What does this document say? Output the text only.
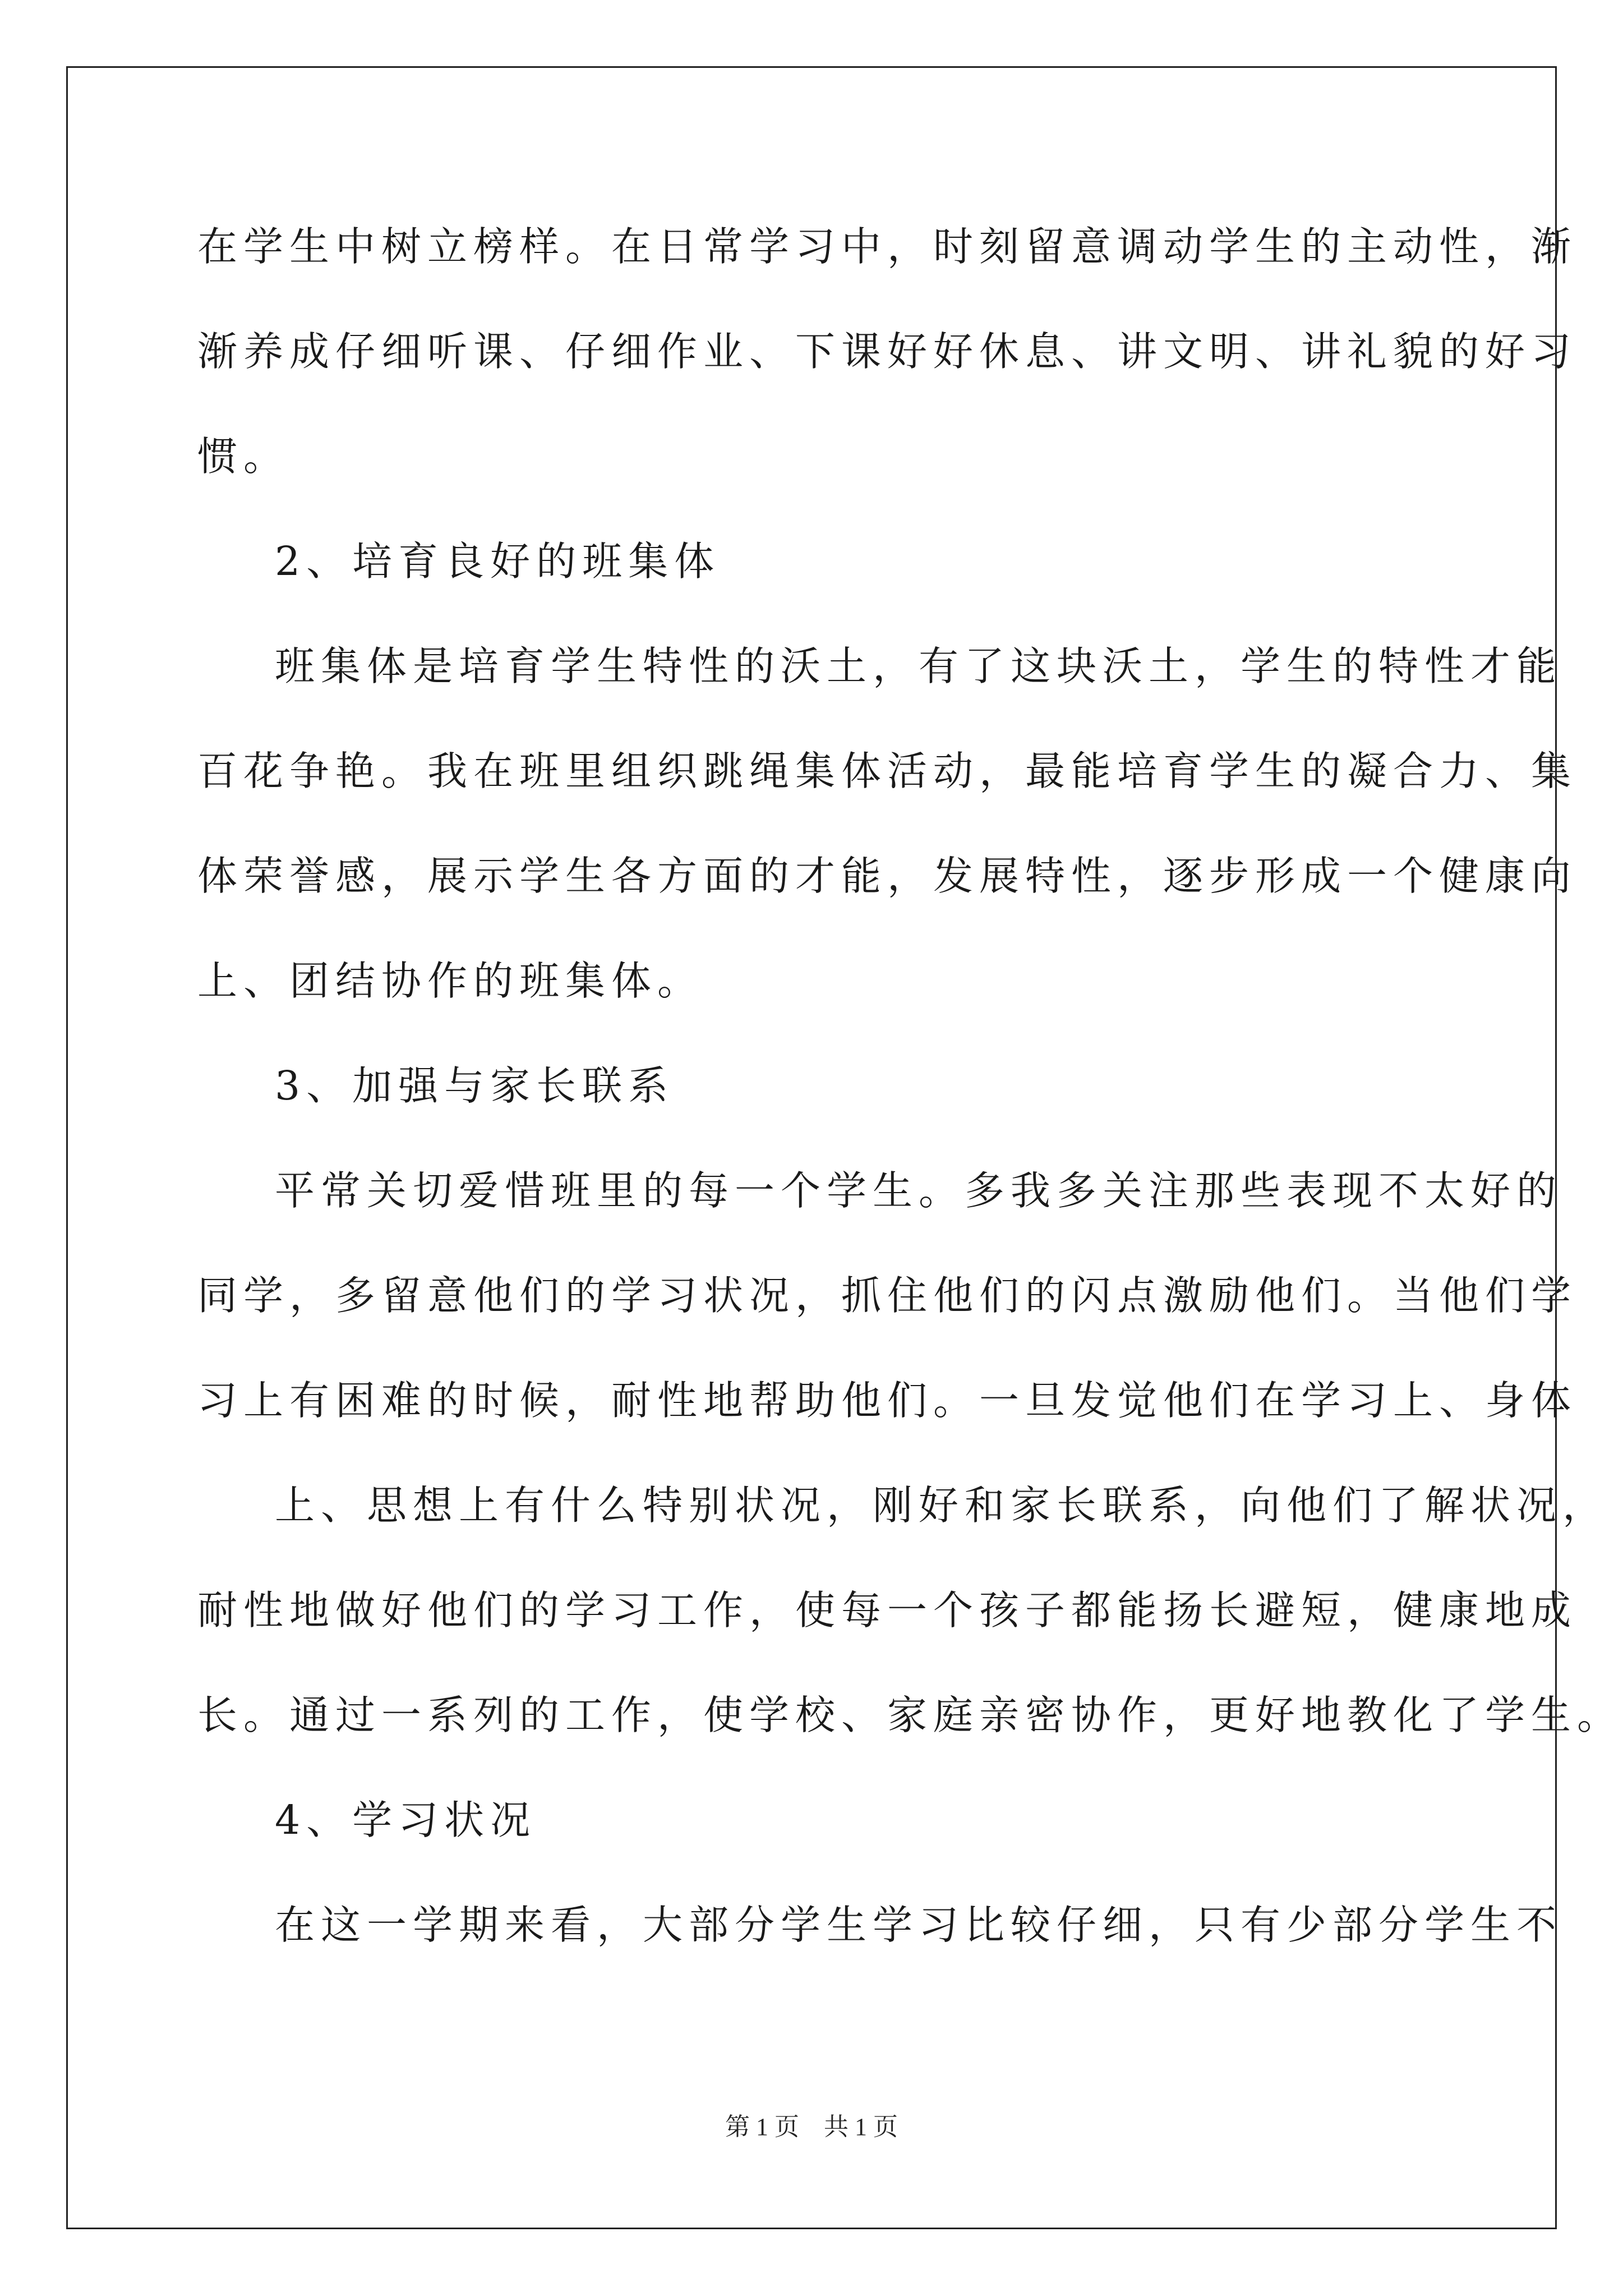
在学生中树立榜样。在日常学习中，时刻留意调动学生的主动性，渐
渐养成仔细听课、仔细作业、下课好好休息、讲文明、讲礼貌的好习
惯。
2、培育良好的班集体
班集体是培育学生特性的沃土，有了这块沃土，学生的特性才能
百花争艳。我在班里组织跳绳集体活动，最能培育学生的凝合力、集
体荣誉感，展示学生各方面的才能，发展特性，逐步形成一个健康向
上、团结协作的班集体。
3、加强与家长联系
平常关切爱惜班里的每一个学生。多我多关注那些表现不太好的
同学，多留意他们的学习状况，抓住他们的闪点激励他们。当他们学
习上有困难的时候，耐性地帮助他们。一旦发觉他们在学习上、身体
上、思想上有什么特别状况，刚好和家长联系，向他们了解状况，
耐性地做好他们的学习工作，使每一个孩子都能扬长避短，健康地成
长。通过一系列的工作，使学校、家庭亲密协作，更好地教化了学生。
4、学习状况
在这一学期来看，大部分学生学习比较仔细，只有少部分学生不
第 1 页　共 1 页
